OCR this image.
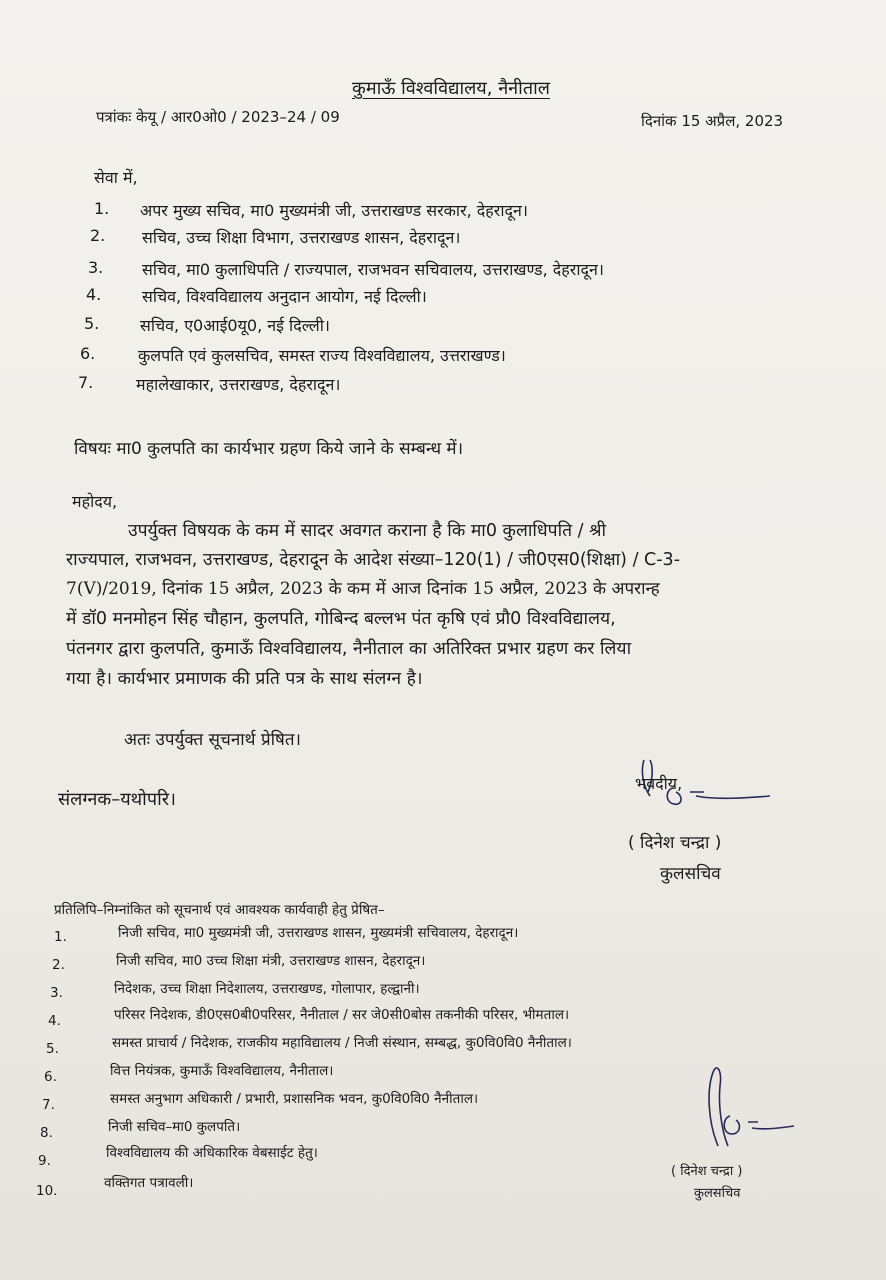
कुमाऊँ विश्वविद्यालय, नैनीताल
पत्रांकः केयू / आर0ओ0 / 2023–24 / 09	दिनांक 15 अप्रैल, 2023
सेवा में,
1.	अपर मुख्य सचिव, मा0 मुख्यमंत्री जी, उत्तराखण्ड सरकार, देहरादून।
2.	सचिव, उच्च शिक्षा विभाग, उत्तराखण्ड शासन, देहरादून।
3.	सचिव, मा0 कुलाधिपति / राज्यपाल, राजभवन सचिवालय, उत्तराखण्ड, देहरादून।
4.	सचिव, विश्वविद्यालय अनुदान आयोग, नई दिल्ली।
5.	सचिव, ए0आई0यू0, नई दिल्ली।
6.	कुलपति एवं कुलसचिव, समस्त राज्य विश्वविद्यालय, उत्तराखण्ड।
7.	महालेखाकार, उत्तराखण्ड, देहरादून।
विषयः मा0 कुलपति का कार्यभार ग्रहण किये जाने के सम्बन्ध में।
महोदय,
उपर्युक्त विषयक के कम में सादर अवगत कराना है कि मा0 कुलाधिपति / श्री
राज्यपाल, राजभवन, उत्तराखण्ड, देहरादून के आदेश संख्या–120(1) / जी0एस0(शिक्षा) / C-3-
7(V)/2019, दिनांक 15 अप्रैल, 2023 के कम में आज दिनांक 15 अप्रैल, 2023 के अपरान्ह
में डॉ0 मनमोहन सिंह चौहान, कुलपति, गोबिन्द बल्लभ पंत कृषि एवं प्रौ0 विश्वविद्यालय,
पंतनगर द्वारा कुलपति, कुमाऊँ विश्वविद्यालय, नैनीताल का अतिरिक्त प्रभार ग्रहण कर लिया
गया है। कार्यभार प्रमाणक की प्रति पत्र के साथ संलग्न है।
अतः उपर्युक्त सूचनार्थ प्रेषित।
संलग्नक–यथोपरि।
भवदीय,
( दिनेश चन्द्रा )
कुलसचिव
प्रतिलिपि–निम्नांकित को सूचनार्थ एवं आवश्यक कार्यवाही हेतु प्रेषित–
1.	निजी सचिव, मा0 मुख्यमंत्री जी, उत्तराखण्ड शासन, मुख्यमंत्री सचिवालय, देहरादून।
2.	निजी सचिव, मा0 उच्च शिक्षा मंत्री, उत्तराखण्ड शासन, देहरादून।
3.	निदेशक, उच्च शिक्षा निदेशालय, उत्तराखण्ड, गोलापार, हल्द्वानी।
4.	परिसर निदेशक, डी0एस0बी0परिसर, नैनीताल / सर जे0सी0बोस तकनीकी परिसर, भीमताल।
5.	समस्त प्राचार्य / निदेशक, राजकीय महाविद्यालय / निजी संस्थान, सम्बद्ध, कु0वि0वि0 नैनीताल।
6.	वित्त नियंत्रक, कुमाऊँ विश्वविद्यालय, नैनीताल।
7.	समस्त अनुभाग अधिकारी / प्रभारी, प्रशासनिक भवन, कु0वि0वि0 नैनीताल।
8.	निजी सचिव–मा0 कुलपति।
9.	विश्वविद्यालय की अधिकारिक वेबसाईट हेतु।
10.	वक्तिगत पत्रावली।
( दिनेश चन्द्रा )
कुलसचिव
